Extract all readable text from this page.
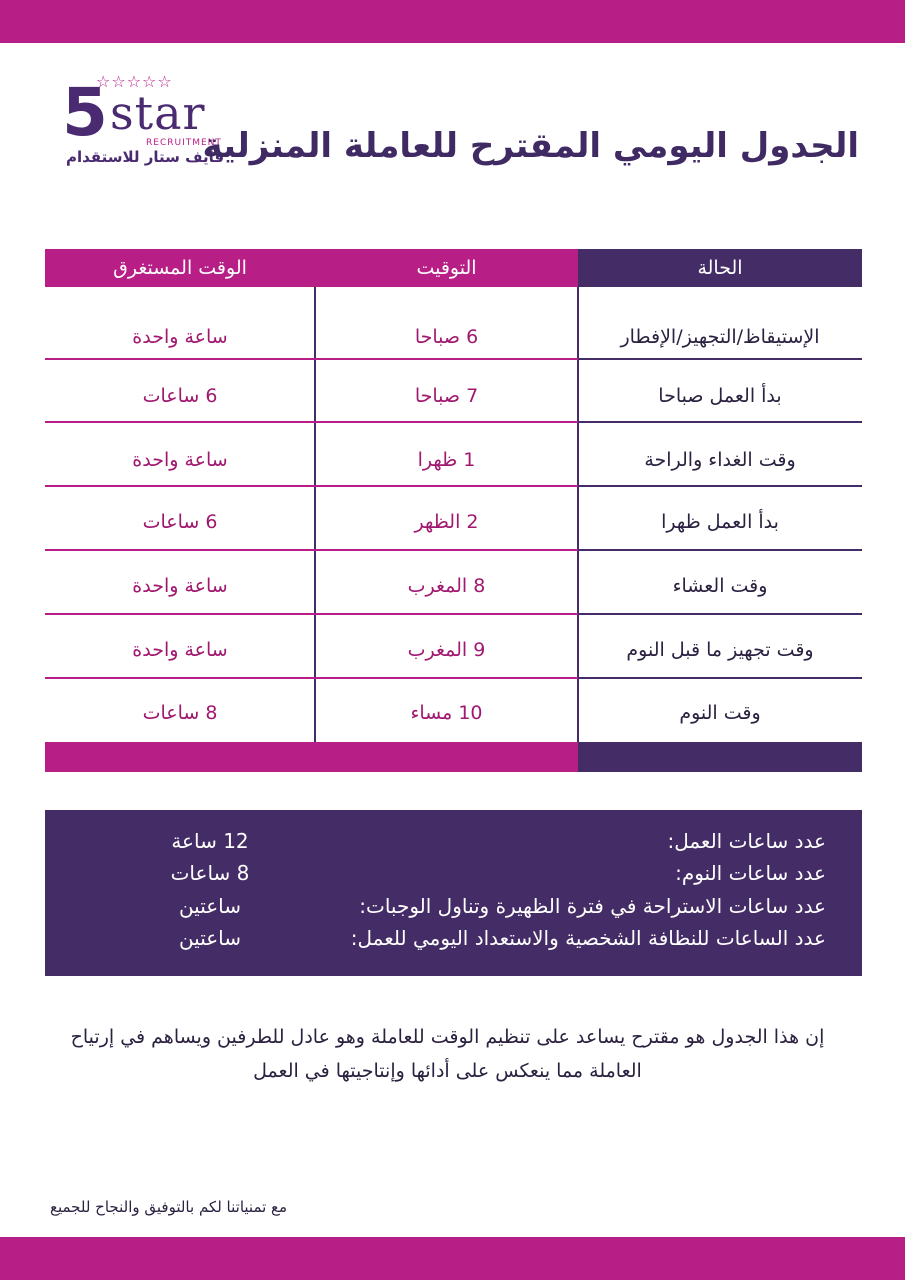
☆☆☆☆☆
5 star
RECRUITMENT
فايف ستار للاستقدام
الجدول اليومي المقترح للعاملة المنزلية
الحالة
التوقيت
الوقت المستغرق
الإستيقاظ/التجهيز/الإفطار
6 صباحا
ساعة واحدة
بدأ العمل صباحا
7 صباحا
6 ساعات
وقت الغداء والراحة
1 ظهرا
ساعة واحدة
بدأ العمل ظهرا
2 الظهر
6 ساعات
وقت العشاء
8 المغرب
ساعة واحدة
وقت تجهيز ما قبل النوم
9 المغرب
ساعة واحدة
وقت النوم
10 مساء
8 ساعات
عدد ساعات العمل:
12 ساعة
عدد ساعات النوم:
8 ساعات
عدد ساعات الاستراحة في فترة الظهيرة وتناول الوجبات:
ساعتين
عدد الساعات للنظافة الشخصية والاستعداد اليومي للعمل:
ساعتين
إن هذا الجدول هو مقترح يساعد على تنظيم الوقت للعاملة وهو عادل للطرفين ويساهم في إرتياح العاملة مما ينعكس على أدائها وإنتاجيتها في العمل
مع تمنياتنا لكم بالتوفيق والنجاح للجميع
